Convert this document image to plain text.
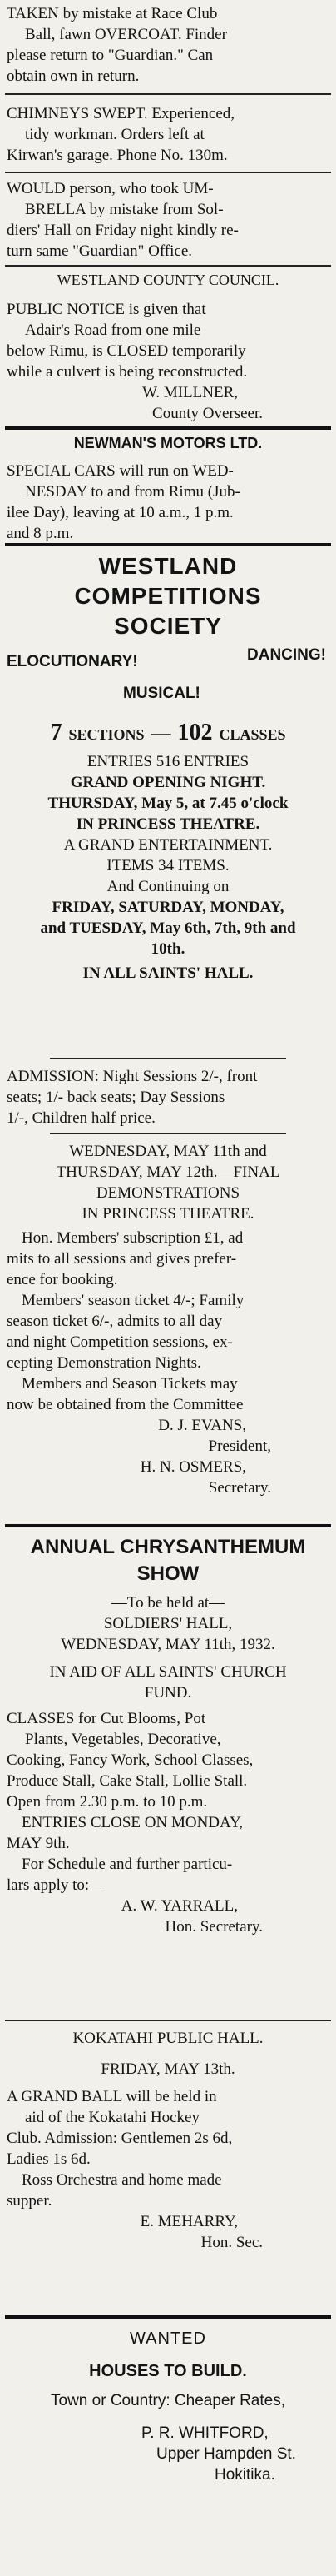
TAKEN by mistake at Race Club

Ball, fawn OVERCOAT. Finder

please return to "Guardian." Can

obtain own in return.

CHIMNEYS SWEPT. Experienced,

tidy workman. Orders left at

Kirwan's garage. Phone No. 130m.

WOULD person, who took UM-

BRELLA by mistake from Sol-

diers' Hall on Friday night kindly re-

turn same "Guardian" Office.

WESTLAND COUNTY COUNCIL.

PUBLIC NOTICE is given that

Adair's Road from one mile

below Rimu, is CLOSED temporarily

while a culvert is being reconstructed.

W. MILLNER,

County Overseer.

NEWMAN'S MOTORS LTD.

SPECIAL CARS will run on WED-

NESDAY to and from Rimu (Jub-

ilee Day), leaving at 10 a.m., 1 p.m.

and 8 p.m.

WESTLAND COMPETITIONS
SOCIETY
ELOCUTIONARY!	DANCING!
MUSICAL!
7 SECTIONS — 102 CLASSES

ENTRIES 516 ENTRIES

GRAND OPENING NIGHT.

THURSDAY, May 5, at 7.45 o'clock

IN PRINCESS THEATRE.

A GRAND ENTERTAINMENT.

ITEMS 34 ITEMS.

And Continuing on

FRIDAY, SATURDAY, MONDAY,

and TUESDAY, May 6th, 7th, 9th and

10th.

IN ALL SAINTS' HALL.

ADMISSION: Night Sessions 2/-, front

seats; 1/- back seats; Day Sessions

1/-, Children half price.

WEDNESDAY, MAY 11th and

THURSDAY, MAY 12th.—FINAL

DEMONSTRATIONS

IN PRINCESS THEATRE.

Hon. Members' subscription £1, ad

mits to all sessions and gives prefer-

ence for booking.

Members' season ticket 4/-; Family

season ticket 6/-, admits to all day

and night Competition sessions, ex-

cepting Demonstration Nights.

Members and Season Tickets may

now be obtained from the Committee

D. J. EVANS,

President,

H. N. OSMERS,

Secretary.

ANNUAL CHRYSANTHEMUM
SHOW

—To be held at—

SOLDIERS' HALL,

WEDNESDAY, MAY 11th, 1932.

IN AID OF ALL SAINTS' CHURCH

FUND.

CLASSES for Cut Blooms, Pot

Plants, Vegetables, Decorative,

Cooking, Fancy Work, School Classes,

Produce Stall, Cake Stall, Lollie Stall.

Open from 2.30 p.m. to 10 p.m.

ENTRIES CLOSE ON MONDAY,

MAY 9th.

For Schedule and further particu-

lars apply to:—

A. W. YARRALL,

Hon. Secretary.

KOKATAHI PUBLIC HALL.

FRIDAY, MAY 13th.

A GRAND BALL will be held in

aid of the Kokatahi Hockey

Club. Admission: Gentlemen 2s 6d,

Ladies 1s 6d.

Ross Orchestra and home made

supper.

E. MEHARRY,

Hon. Sec.

WANTED

HOUSES TO BUILD.

Town or Country: Cheaper Rates,

P. R. WHITFORD,

Upper Hampden St.

Hokitika.
